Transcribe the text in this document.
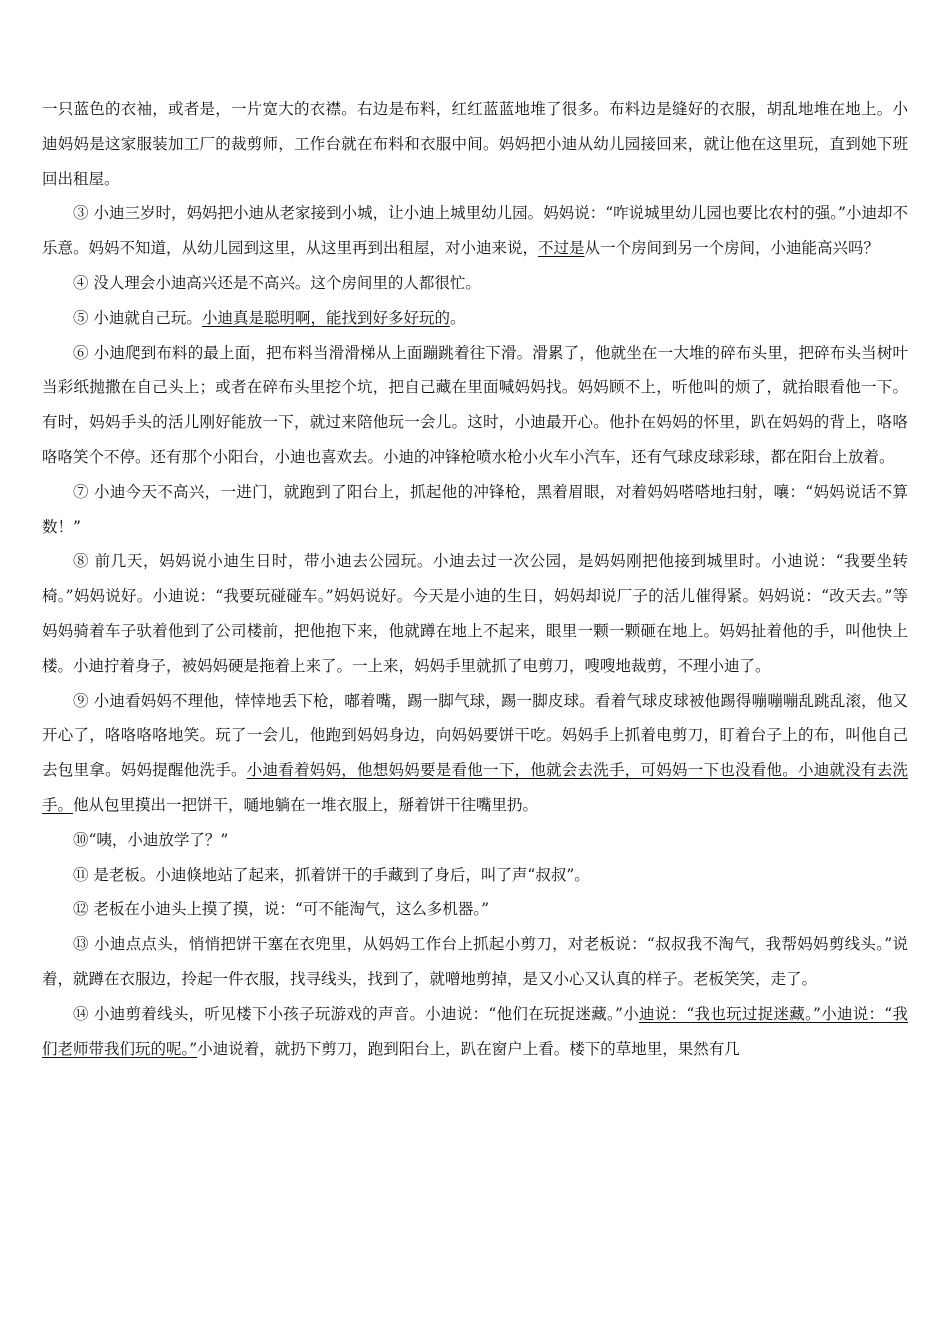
一只蓝色的衣袖，或者是，一片宽大的衣襟。右边是布料，红红蓝蓝地堆了很多。布料边是缝好的衣服，胡乱地堆在地上。小迪妈妈是这家服装加工厂的裁剪师，工作台就在布料和衣服中间。妈妈把小迪从幼儿园接回来，就让他在这里玩，直到她下班回出租屋。

③ 小迪三岁时，妈妈把小迪从老家接到小城，让小迪上城里幼儿园。妈妈说：“咋说城里幼儿园也要比农村的强。”小迪却不乐意。妈妈不知道，从幼儿园到这里，从这里再到出租屋，对小迪来说，不过是从一个房间到另一个房间，小迪能高兴吗？

④ 没人理会小迪高兴还是不高兴。这个房间里的人都很忙。

⑤ 小迪就自己玩。小迪真是聪明啊，能找到好多好玩的。

⑥ 小迪爬到布料的最上面，把布料当滑滑梯从上面蹦跳着往下滑。滑累了，他就坐在一大堆的碎布头里，把碎布头当树叶当彩纸抛撒在自己头上；或者在碎布头里挖个坑，把自己藏在里面喊妈妈找。妈妈顾不上，听他叫的烦了，就抬眼看他一下。有时，妈妈手头的活儿刚好能放一下，就过来陪他玩一会儿。这时，小迪最开心。他扑在妈妈的怀里，趴在妈妈的背上，咯咯咯咯笑个不停。还有那个小阳台，小迪也喜欢去。小迪的冲锋枪喷水枪小火车小汽车，还有气球皮球彩球，都在阳台上放着。

⑦ 小迪今天不高兴，一进门，就跑到了阳台上，抓起他的冲锋枪，黑着眉眼，对着妈妈嗒嗒地扫射，嚷：“妈妈说话不算数！”

⑧ 前几天，妈妈说小迪生日时，带小迪去公园玩。小迪去过一次公园，是妈妈刚把他接到城里时。小迪说：“我要坐转椅。”妈妈说好。小迪说：“我要玩碰碰车。”妈妈说好。今天是小迪的生日，妈妈却说厂子的活儿催得紧。妈妈说：“改天去。”等妈妈骑着车子驮着他到了公司楼前，把他抱下来，他就蹲在地上不起来，眼里一颗一颗砸在地上。妈妈扯着他的手，叫他快上楼。小迪拧着身子，被妈妈硬是拖着上来了。一上来，妈妈手里就抓了电剪刀，嗖嗖地裁剪，不理小迪了。

⑨ 小迪看妈妈不理他，悻悻地丢下枪，嘟着嘴，踢一脚气球，踢一脚皮球。看着气球皮球被他踢得嘣嘣嘣乱跳乱滚，他又开心了，咯咯咯咯地笑。玩了一会儿，他跑到妈妈身边，向妈妈要饼干吃。妈妈手上抓着电剪刀，盯着台子上的布，叫他自己去包里拿。妈妈提醒他洗手。小迪看着妈妈，他想妈妈要是看他一下，他就会去洗手，可妈妈一下也没看他。小迪就没有去洗手。他从包里摸出一把饼干，嗵地躺在一堆衣服上，掰着饼干往嘴里扔。

⑩“咦，小迪放学了？”

⑪ 是老板。小迪倏地站了起来，抓着饼干的手藏到了身后，叫了声“叔叔”。

⑫ 老板在小迪头上摸了摸，说：“可不能淘气，这么多机器。”

⑬ 小迪点点头，悄悄把饼干塞在衣兜里，从妈妈工作台上抓起小剪刀，对老板说：“叔叔我不淘气，我帮妈妈剪线头。”说着，就蹲在衣服边，拎起一件衣服，找寻线头，找到了，就噌地剪掉，是又小心又认真的样子。老板笑笑，走了。

⑭ 小迪剪着线头，听见楼下小孩子玩游戏的声音。小迪说：“他们在玩捉迷藏。”小迪说：“我也玩过捉迷藏。”小迪说：“我们老师带我们玩的呢。”小迪说着，就扔下剪刀，跑到阳台上，趴在窗户上看。楼下的草地里，果然有几
